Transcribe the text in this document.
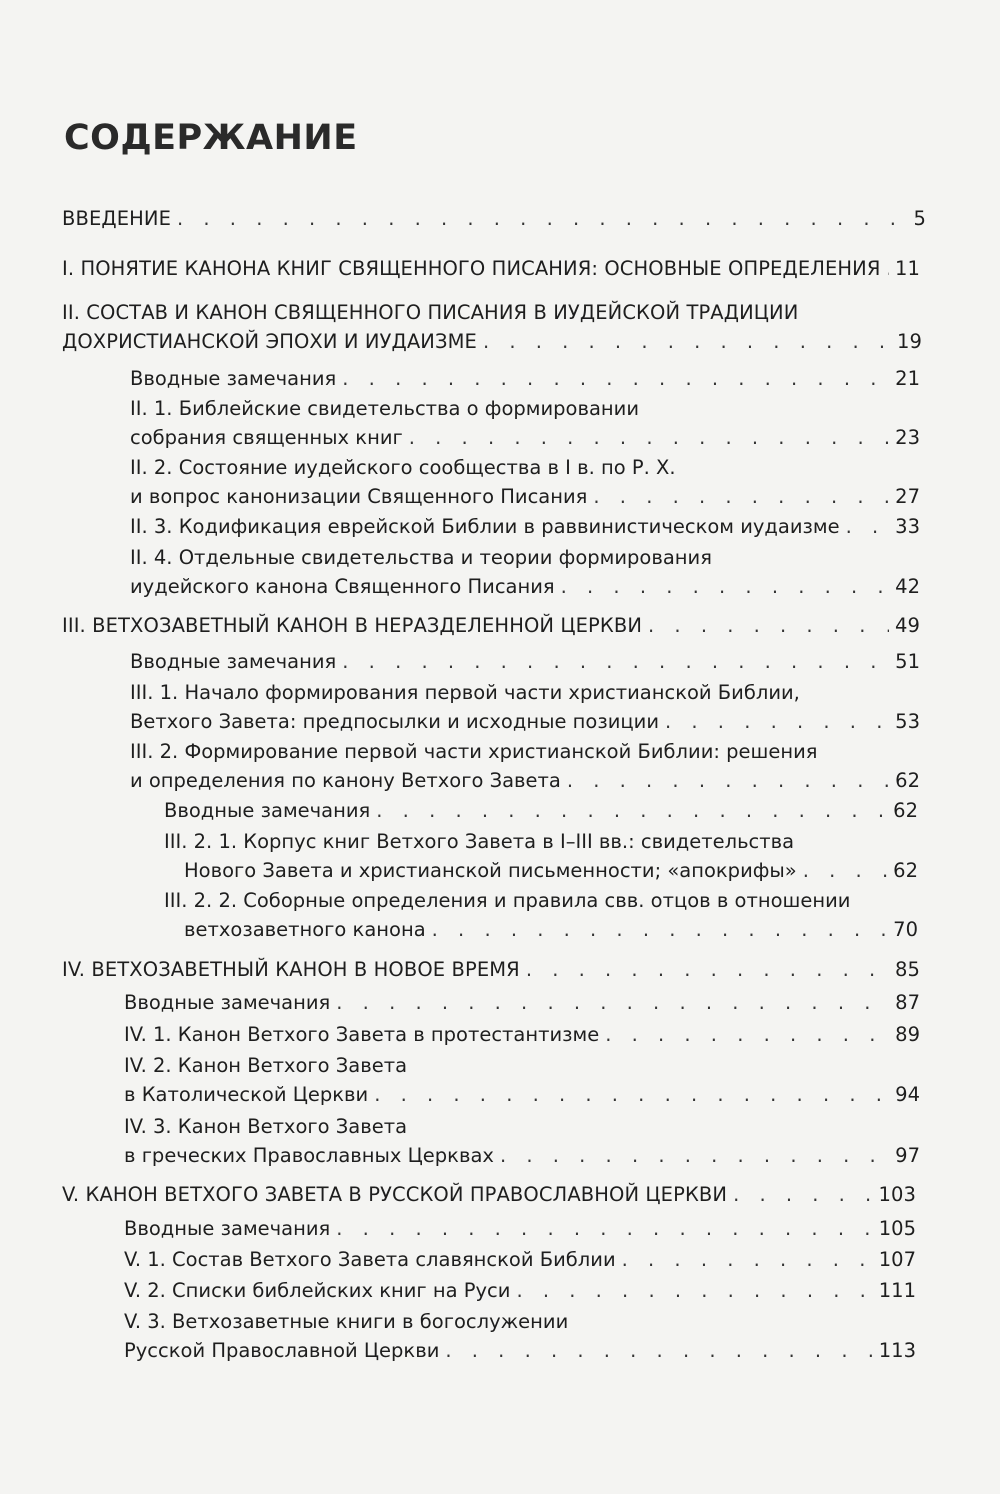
СОДЕРЖАНИЕ
ВВЕДЕНИЕ . . .	5
I. ПОНЯТИЕ КАНОНА КНИГ СВЯЩЕННОГО ПИСАНИЯ: ОСНОВНЫЕ ОПРЕДЕЛЕНИЯ . . . 11
II. СОСТАВ И КАНОН СВЯЩЕННОГО ПИСАНИЯ В ИУДЕЙСКОЙ ТРАДИЦИИ
ДОХРИСТИАНСКОЙ ЭПОХИ И ИУДАИЗМЕ . . .	19
Вводные замечания . . .	21
II. 1. Библейские свидетельства о формировании
собрания священных книг . . .	23
II. 2. Состояние иудейского сообщества в I в. по Р. Х.
и вопрос канонизации Священного Писания . . .	27
II. 3. Кодификация еврейской Библии в раввинистическом иудаизме . . .	33
II. 4. Отдельные свидетельства и теории формирования
иудейского канона Священного Писания . . .	42
III. ВЕТХОЗАВЕТНЫЙ КАНОН В НЕРАЗДЕЛЕННОЙ ЦЕРКВИ . . .	49
Вводные замечания . . .	51
III. 1. Начало формирования первой части христианской Библии,
Ветхого Завета: предпосылки и исходные позиции . . .	53
III. 2. Формирование первой части христианской Библии: решения
и определения по канону Ветхого Завета . . .	62
Вводные замечания . . .	62
III. 2. 1. Корпус книг Ветхого Завета в I–III вв.: свидетельства
Нового Завета и христианской письменности; «апокрифы» . . .	62
III. 2. 2. Соборные определения и правила свв. отцов в отношении
ветхозаветного канона . . .	70
IV. ВЕТХОЗАВЕТНЫЙ КАНОН В НОВОЕ ВРЕМЯ . . .	85
Вводные замечания . . .	87
IV. 1. Канон Ветхого Завета в протестантизме . . .	89
IV. 2. Канон Ветхого Завета
в Католической Церкви . . .	94
IV. 3. Канон Ветхого Завета
в греческих Православных Церквах . . .	97
V. КАНОН ВЕТХОГО ЗАВЕТА В РУССКОЙ ПРАВОСЛАВНОЙ ЦЕРКВИ . . .	103
Вводные замечания . . .	105
V. 1. Состав Ветхого Завета славянской Библии . . .	107
V. 2. Списки библейских книг на Руси . . .	111
V. 3. Ветхозаветные книги в богослужении
Русской Православной Церкви . . .	113
